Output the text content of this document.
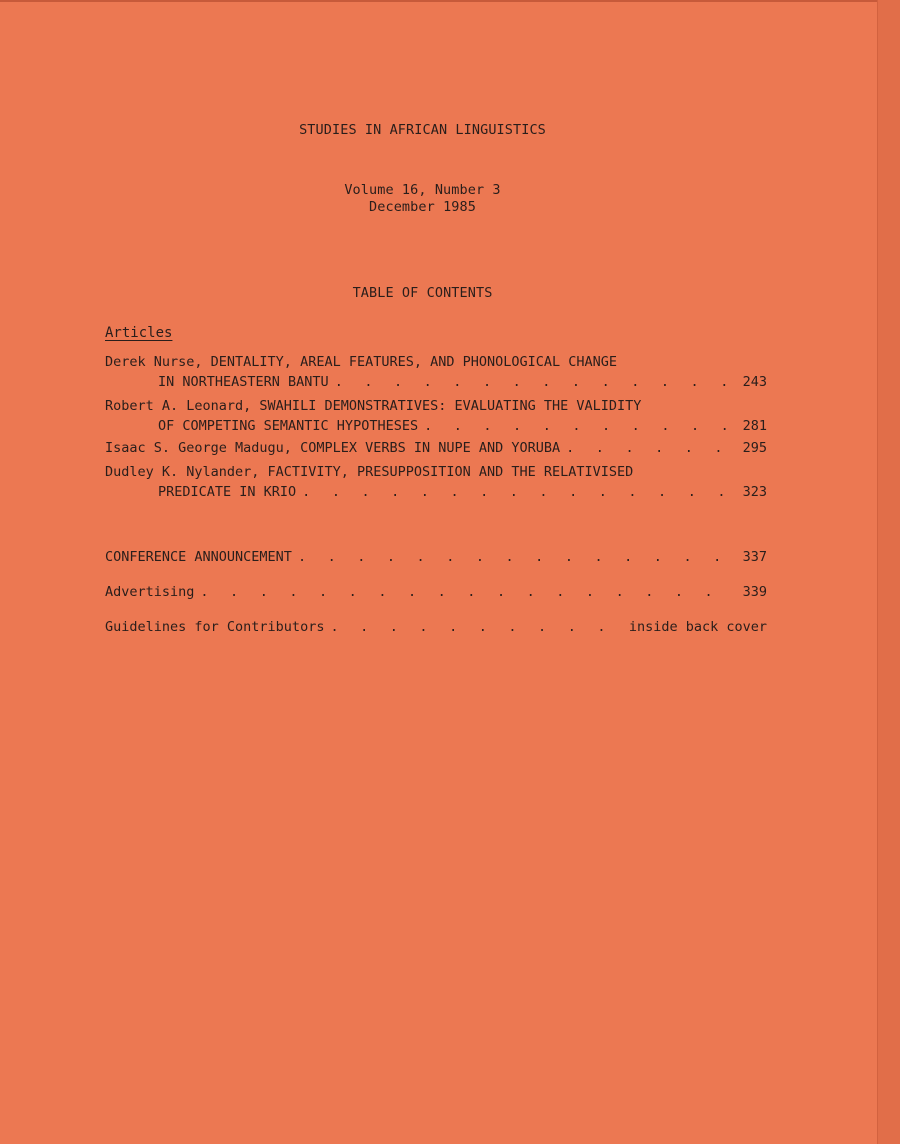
STUDIES IN AFRICAN LINGUISTICS
Volume 16, Number 3
December 1985
TABLE OF CONTENTS
Articles
Derek Nurse, DENTALITY, AREAL FEATURES, AND PHONOLOGICAL CHANGE
IN NORTHEASTERN BANTU . . .	243
Robert A. Leonard, SWAHILI DEMONSTRATIVES: EVALUATING THE VALIDITY
OF COMPETING SEMANTIC HYPOTHESES . . .	281
Isaac S. George Madugu, COMPLEX VERBS IN NUPE AND YORUBA . . .	295
Dudley K. Nylander, FACTIVITY, PRESUPPOSITION AND THE RELATIVISED
PREDICATE IN KRIO . . .	323
CONFERENCE ANNOUNCEMENT . . .	337
Advertising . . .	339
Guidelines for Contributors . . .	inside back cover
